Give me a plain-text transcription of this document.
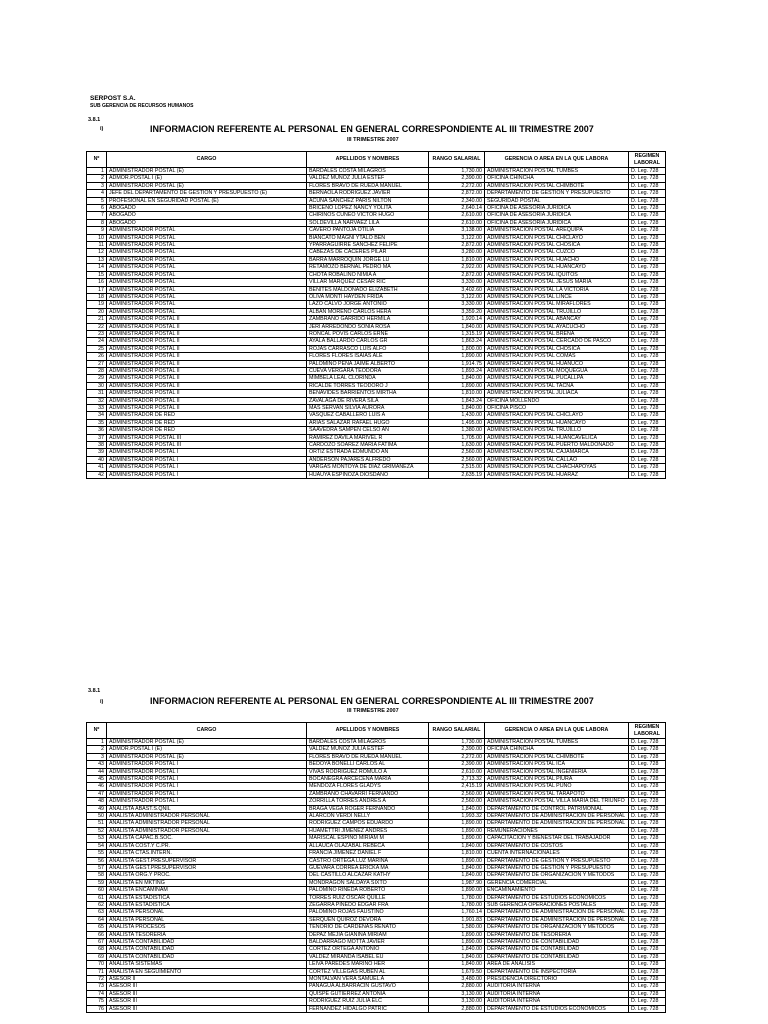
SERPOST S.A.
SUB GERENCIA DE RECURSOS HUMANOS
3.8.1
i)	INFORMACION REFERENTE AL PERSONAL EN GENERAL CORRESPONDIENTE AL III TRIMESTRE 2007
III TRIMESTRE 2007
Nº	CARGO	APELLIDOS Y NOMBRES	RANGO SALARIAL	GERENCIA O AREA EN LA QUE LABORA	REGIMEN LABORAL
1	ADMINISTRADOR POSTAL (E)	BARDALES COSTA MILAGROS	1,730.00	ADMINISTRACION POSTAL TUMBES	D. Leg. 728
2	ADMOR.POSTAL I (E)	VALDEZ MUÑOZ JULIA ESTEF	2,390.00	OFICINA CHINCHA	D. Leg. 728
3	ADMINISTRADOR POSTAL (E)	FLORES BRAVO DE RUEDA MANUEL	2,272.00	ADMINISTRACION POSTAL CHIMBOTE	D. Leg. 728
4	JEFE DEL DEPARTAMENTO DE GESTION Y PRESUPUESTO (E)	BERNAOLA RODRIGUEZ JAVIER	2,872.00	DEPARTAMENTO DE GESTION Y PRESUPUESTO	D. Leg. 728
5	PROFESIONAL EN SEGURIDAD POSTAL (E)	ACUÑA SANCHEZ PARIS NILTON	2,340.00	SEGURIDAD POSTAL	D. Leg. 728
6	ABOGADO	BRICENO LOPEZ NANCY YOLITA	2,640.14	OFICINA DE ASESORIA JURIDICA	D. Leg. 728
7	ABOGADO	CHIRINOS CUNEO VICTOR HUGO	2,610.00	OFICINA DE ASESORIA JURIDICA	D. Leg. 728
8	ABOGADO	SOLDEVILLA NARVAEZ LILA	2,610.00	OFICINA DE ASESORIA JURIDICA	D. Leg. 728
9	ADMINISTRADOR POSTAL	CAVERO PANTOJA OTILIA	3,138.00	ADMINISTRACION POSTAL AREQUIPA	D. Leg. 728
10	ADMINISTRADOR POSTAL	BIANCATO MAGNI YTALO BEN	3,122.00	ADMINISTRACION POSTAL CHICLAYO	D. Leg. 728
11	ADMINISTRADOR POSTAL	YPARRAGUIRRE SANCHEZ FELIPE	2,872.00	ADMINISTRACION POSTAL CHOSICA	D. Leg. 728
12	ADMINISTRADOR POSTAL	CABEZAS DE CACERES PILAR	3,280.00	ADMINISTRACION POSTAL CUZCO	D. Leg. 728
13	ADMINISTRADOR POSTAL	BARRA MARROQUIN JORGE LU	1,810.00	ADMINISTRACION POSTAL HUACHO	D. Leg. 728
14	ADMINISTRADOR POSTAL	RETAMOZO BERNAL PEDRO MA	2,922.00	ADMINISTRACION POSTAL HUANCAYO	D. Leg. 728
15	ADMINISTRADOR POSTAL	CHOTA ROBALINO NIMIA A	2,872.00	ADMINISTRACION POSTAL IQUITOS	D. Leg. 728
16	ADMINISTRADOR POSTAL	VILLAR MARQUEZ CESAR RIC	3,330.00	ADMINISTRACION POSTAL JESUS MARIA	D. Leg. 728
17	ADMINISTRADOR POSTAL	BENITES MALDONADO ELIZABETH	3,402.60	ADMINISTRACION POSTAL LA VICTORIA	D. Leg. 728
18	ADMINISTRADOR POSTAL	OLIVA MONTI HAYDEN FRIDA	3,122.00	ADMINISTRACION POSTAL LINCE	D. Leg. 728
19	ADMINISTRADOR POSTAL	LAZO CALVO JORGE ANTONIO	3,330.00	ADMINISTRACION POSTAL MIRAFLORES	D. Leg. 728
20	ADMINISTRADOR POSTAL	ALBAN MORENO CARLOS HERA	3,359.20	ADMINISTRACION POSTAL TRUJILLO	D. Leg. 728
21	ADMINISTRADOR POSTAL II	ZAMBRANO GARRIDO HERMILA	1,920.14	ADMINISTRACION POSTAL ABANCAY	D. Leg. 728
22	ADMINISTRADOR POSTAL II	JERI ARREDONDO SONIA ROSA	1,840.00	ADMINISTRACION POSTAL AYACUCHO	D. Leg. 728
23	ADMINISTRADOR POSTAL II	RONCAL POVIS CARLOS ERNE	1,315.19	ADMINISTRACION POSTAL BRENA	D. Leg. 728
24	ADMINISTRADOR POSTAL II	AYALA BALLARDO CARLOS GR	1,863.24	ADMINISTRACION POSTAL CERCADO DE PASCO	D. Leg. 728
25	ADMINISTRADOR POSTAL II	ROJAS CARRASCO LUIS ALFO	1,800.00	ADMINISTRACION POSTAL CHOSICA	D. Leg. 728
26	ADMINISTRADOR POSTAL II	FLORES FLORES ISAIAS ALE	1,890.00	ADMINISTRACION POSTAL COMAS	D. Leg. 728
27	ADMINISTRADOR POSTAL II	PALOMINO PENA JAIME ALBERTO	1,914.75	ADMINISTRACION POSTAL HUANUCO	D. Leg. 728
28	ADMINISTRADOR POSTAL II	CUEVA VERGARA TEODORA	1,893.24	ADMINISTRACION POSTAL MOQUEGUA	D. Leg. 728
29	ADMINISTRADOR POSTAL II	MIMBELA LEAL CLORINDA	1,840.00	ADMINISTRACION POSTAL PUCALLPA	D. Leg. 728
30	ADMINISTRADOR POSTAL II	RICALDE TORRES TEODORO J	1,890.00	ADMINISTRACION POSTAL TACNA	D. Leg. 728
31	ADMINISTRADOR POSTAL II	BENAVIDES BARRIENTOS MIRTHA	1,810.00	ADMINISTRACION POSTAL JULIACA	D. Leg. 728
32	ADMINISTRADOR POSTAL II	ZAVALAGA DE RIVERA SILA	1,843.24	OFICINA MOLLENDO	D. Leg. 728
33	ADMINISTRADOR POSTAL II	MAS SERVAN SILVIA AURORA	1,840.00	OFICINA PISCO	D. Leg. 728
34	ADMINISTRADOR DE RED	VASQUEZ CABALLERO LUIS A	1,430.00	ADMINISTRACION POSTAL CHICLAYO	D. Leg. 728
35	ADMINISTRADOR DE RED	ARIAS SALAZAR RAFAEL HUGO	1,495.00	ADMINISTRACION POSTAL HUANCAYO	D. Leg. 728
36	ADMINISTRADOR DE RED	SAAVEDRA SAMPEN CELSO AN	1,380.00	ADMINISTRACION POSTAL TRUJILLO	D. Leg. 728
37	ADMINISTRADOR POSTAL III	RAMIREZ DAVILA MARIVEL R	1,705.00	ADMINISTRACION POSTAL HUANCAVELICA	D. Leg. 728
38	ADMINISTRADOR POSTAL III	CARDOZO SOAREZ MARIA FATIMA	1,630.00	ADMINISTRACION POSTAL PUERTO MALDONADO	D. Leg. 728
39	ADMINISTRADOR POSTAL I	ORTIZ ESTRADA EDMUNDO AN	2,560.00	ADMINISTRACION POSTAL CAJAMARCA	D. Leg. 728
40	ADMINISTRADOR POSTAL I	ANDERSON PAJARES ALFREDO	2,560.00	ADMINISTRACION POSTAL CALLAO	D. Leg. 728
41	ADMINISTRADOR POSTAL I	VARGAS MONTOYA DE DIAZ GRIMANEZA	2,515.00	ADMINISTRACION POSTAL CHACHAPOYAS	D. Leg. 728
42	ADMINISTRADOR POSTAL I	HUAUYA ESPINOZA DIOSDANO	2,635.19	ADMINISTRACION POSTAL HUARAZ	D. Leg. 728
3.8.1
i)	INFORMACION REFERENTE AL PERSONAL EN GENERAL CORRESPONDIENTE AL III TRIMESTRE 2007
III TRIMESTRE 2007
Nº	CARGO	APELLIDOS Y NOMBRES	RANGO SALARIAL	GERENCIA O AREA EN LA QUE LABORA	REGIMEN LABORAL
1	ADMINISTRADOR POSTAL (E)	BARDALES COSTA MILAGROS	1,730.00	ADMINISTRACION POSTAL TUMBES	D. Leg. 728
2	ADMOR.POSTAL I (E)	VALDEZ MUÑOZ JULIA ESTEF	2,390.00	OFICINA CHINCHA	D. Leg. 728
3	ADMINISTRADOR POSTAL (E)	FLORES BRAVO DE RUEDA MANUEL	2,272.00	ADMINISTRACION POSTAL CHIMBOTE	D. Leg. 728
43	ADMINISTRADOR POSTAL I	BEDOYA BONELLI CARLOS AL	2,390.00	ADMINISTRACION POSTAL ICA	D. Leg. 728
44	ADMINISTRADOR POSTAL I	VIVAS RODRIGUEZ ROMULO A	2,610.00	ADMINISTRACION POSTAL INGENIERIA	D. Leg. 728
45	ADMINISTRADOR POSTAL I	BOCANEGRA ARCECENA MARIA	2,713.32	ADMINISTRACION POSTAL PIURA	D. Leg. 728
46	ADMINISTRADOR POSTAL I	MENDOZA FLORES GLADYS	2,415.19	ADMINISTRACION POSTAL PUNO	D. Leg. 728
47	ADMINISTRADOR POSTAL I	ZAMBRANO CHAVARRI FERNANDO	2,560.00	ADMINISTRACION POSTAL TARAPOTO	D. Leg. 728
48	ADMINISTRADOR POSTAL I	ZORRILLA TORRES ANDRES A	2,560.00	ADMINISTRACION POSTAL VILLA MARIA DEL TRIUNFO	D. Leg. 728
49	ANALISTA ABAST.S.QNIL	BRAGA VEGA ROGER FERNANDO	1,840.00	DEPARTAMENTO DE CONTROL PATRIMONIAL	D. Leg. 728
50	ANALISTA ADMINISTRADOR PERSONAL	ALARCON VERDI NELLY	1,993.32	DEPARTAMENTO DE ADMINISTRACION DE PERSONAL	D. Leg. 728
51	ANALISTA ADMINISTRADOR PERSONAL	RODRIGUEZ CAMPOS EDUARDO	1,890.00	DEPARTAMENTO DE ADMINISTRACION DE PERSONAL	D. Leg. 728
52	ANALISTA ADMINISTRADOR PERSONAL	HUAMETTRI JIMENEZ ANDRES	1,890.00	REMUNERACIONES	D. Leg. 728
53	ANALISTA CAPAC.B.SOC.	MARISCAL ESPINO MIRIAM M	1,890.00	CAPACITACION Y BIENESTAR DEL TRABAJADOR	D. Leg. 728
54	ANALISTA COST.Y C.PR.	ALLAUCA OLAZABAL REBECA	1,840.00	DEPARTAMENTO DE COSTOS	D. Leg. 728
55	ANALISTA CTAS.INTERN.	FRANCIA JIMENEZ DANIEL F	1,810.00	CUENTA INTERNACIONALES	D. Leg. 728
56	ANALISTA GEST.PRESUPERVISOR	CASTRO ORTEGA LUZ MARINA	1,890.00	DEPARTAMENTO DE GESTION Y PRESUPUESTO	D. Leg. 728
57	ANALISTA GEST.PRESUPERVISOR	GUEVARA CORREA ERICKA MA	1,840.00	DEPARTAMENTO DE GESTION Y PRESUPUESTO	D. Leg. 728
58	ANALISTA ORG.Y PROC.	DEL CASTILLO ALCAZAR KATHY	1,840.00	DEPARTAMENTO DE ORGANIZACION Y METODOS	D. Leg. 728
59	ANALISTA EN MKTING	MONDRAGON SALDAYA SIXTO	1,987.90	GERENCIA COMERCIAL	D. Leg. 728
60	ANALISTA ENCAMINAM	PALOMINO RINEDA ROBERTO	1,890.00	ENCAMINAMIENTO	D. Leg. 728
61	ANALISTA ESTADISTICA	TORRES RUIZ OSCAR QUILLE	1,780.00	DEPARTAMENTO DE ESTUDIOS ECONOMICOS	D. Leg. 728
62	ANALISTA ESTADISTICA	ZEGARRA PINEDO EDGAR FRA	1,780.00	SUB GERENCIA OPERACIONES POSTALES	D. Leg. 728
63	ANALISTA PERSONAL	PALOMINO ROJAS FAUSTINO	1,760.14	DEPARTAMENTO DE ADMINISTRACION DE PERSONAL	D. Leg. 728
64	ANALISTA PERSONAL	SERQUEN QUIROZ DEVORA	1,901.83	DEPARTAMENTO DE ADMINISTRACION DE PERSONAL	D. Leg. 728
65	ANALISTA PROCESOS	TENORIO DE CARDENAS RENATO	1,580.00	DEPARTAMENTO DE ORGANIZACION Y METODOS	D. Leg. 728
66	ANALISTA TESORERIA	DEPAZ MEJIA GIANINA MIRIAM	1,890.00	DEPARTAMENTO DE TESORERIA	D. Leg. 728
67	ANALISTA CONTABILIDAD	BALDARRAGO MOTTA JAVIER	1,890.00	DEPARTAMENTO DE CONTABILIDAD	D. Leg. 728
68	ANALISTA CONTABILIDAD	CORTEZ ORTEGA ANTONIO	1,840.00	DEPARTAMENTO DE CONTABILIDAD	D. Leg. 728
69	ANALISTA CONTABILIDAD	VALDEZ MIRANDA ISABEL EU	1,840.00	DEPARTAMENTO DE CONTABILIDAD	D. Leg. 728
70	ANALISTA SISTEMAS	LEIVA PAREDES MARINO HER	1,840.00	AREA DE ANALISIS	D. Leg. 728
71	ANALISTA EN SEGUIMIENTO	CORTEZ VILLEGAS RUBEN AL	1,679.50	DEPARTAMENTO DE INSPECTORIA	D. Leg. 728
72	ASESOR II	MONTALVAN VERA SAMUEL A	3,480.00	PRESIDENCIA DIRECTORIO	D. Leg. 728
73	ASESOR III	PANAGUA ALBARRACIN GUSTAVO	2,880.00	AUDITORIA INTERNA	D. Leg. 728
74	ASESOR III	QUISPE GUTIERREZ ANTONIA	3,130.00	AUDITORIA INTERNA	D. Leg. 728
75	ASESOR III	RODRIGUEZ RUIZ JULIA ELC	3,130.00	AUDITORIA INTERNA	D. Leg. 728
76	ASESOR III	FERNANDEZ HIDALGO PATRIC	2,880.00	DEPARTAMENTO DE ESTUDIOS ECONOMICOS	D. Leg. 728
